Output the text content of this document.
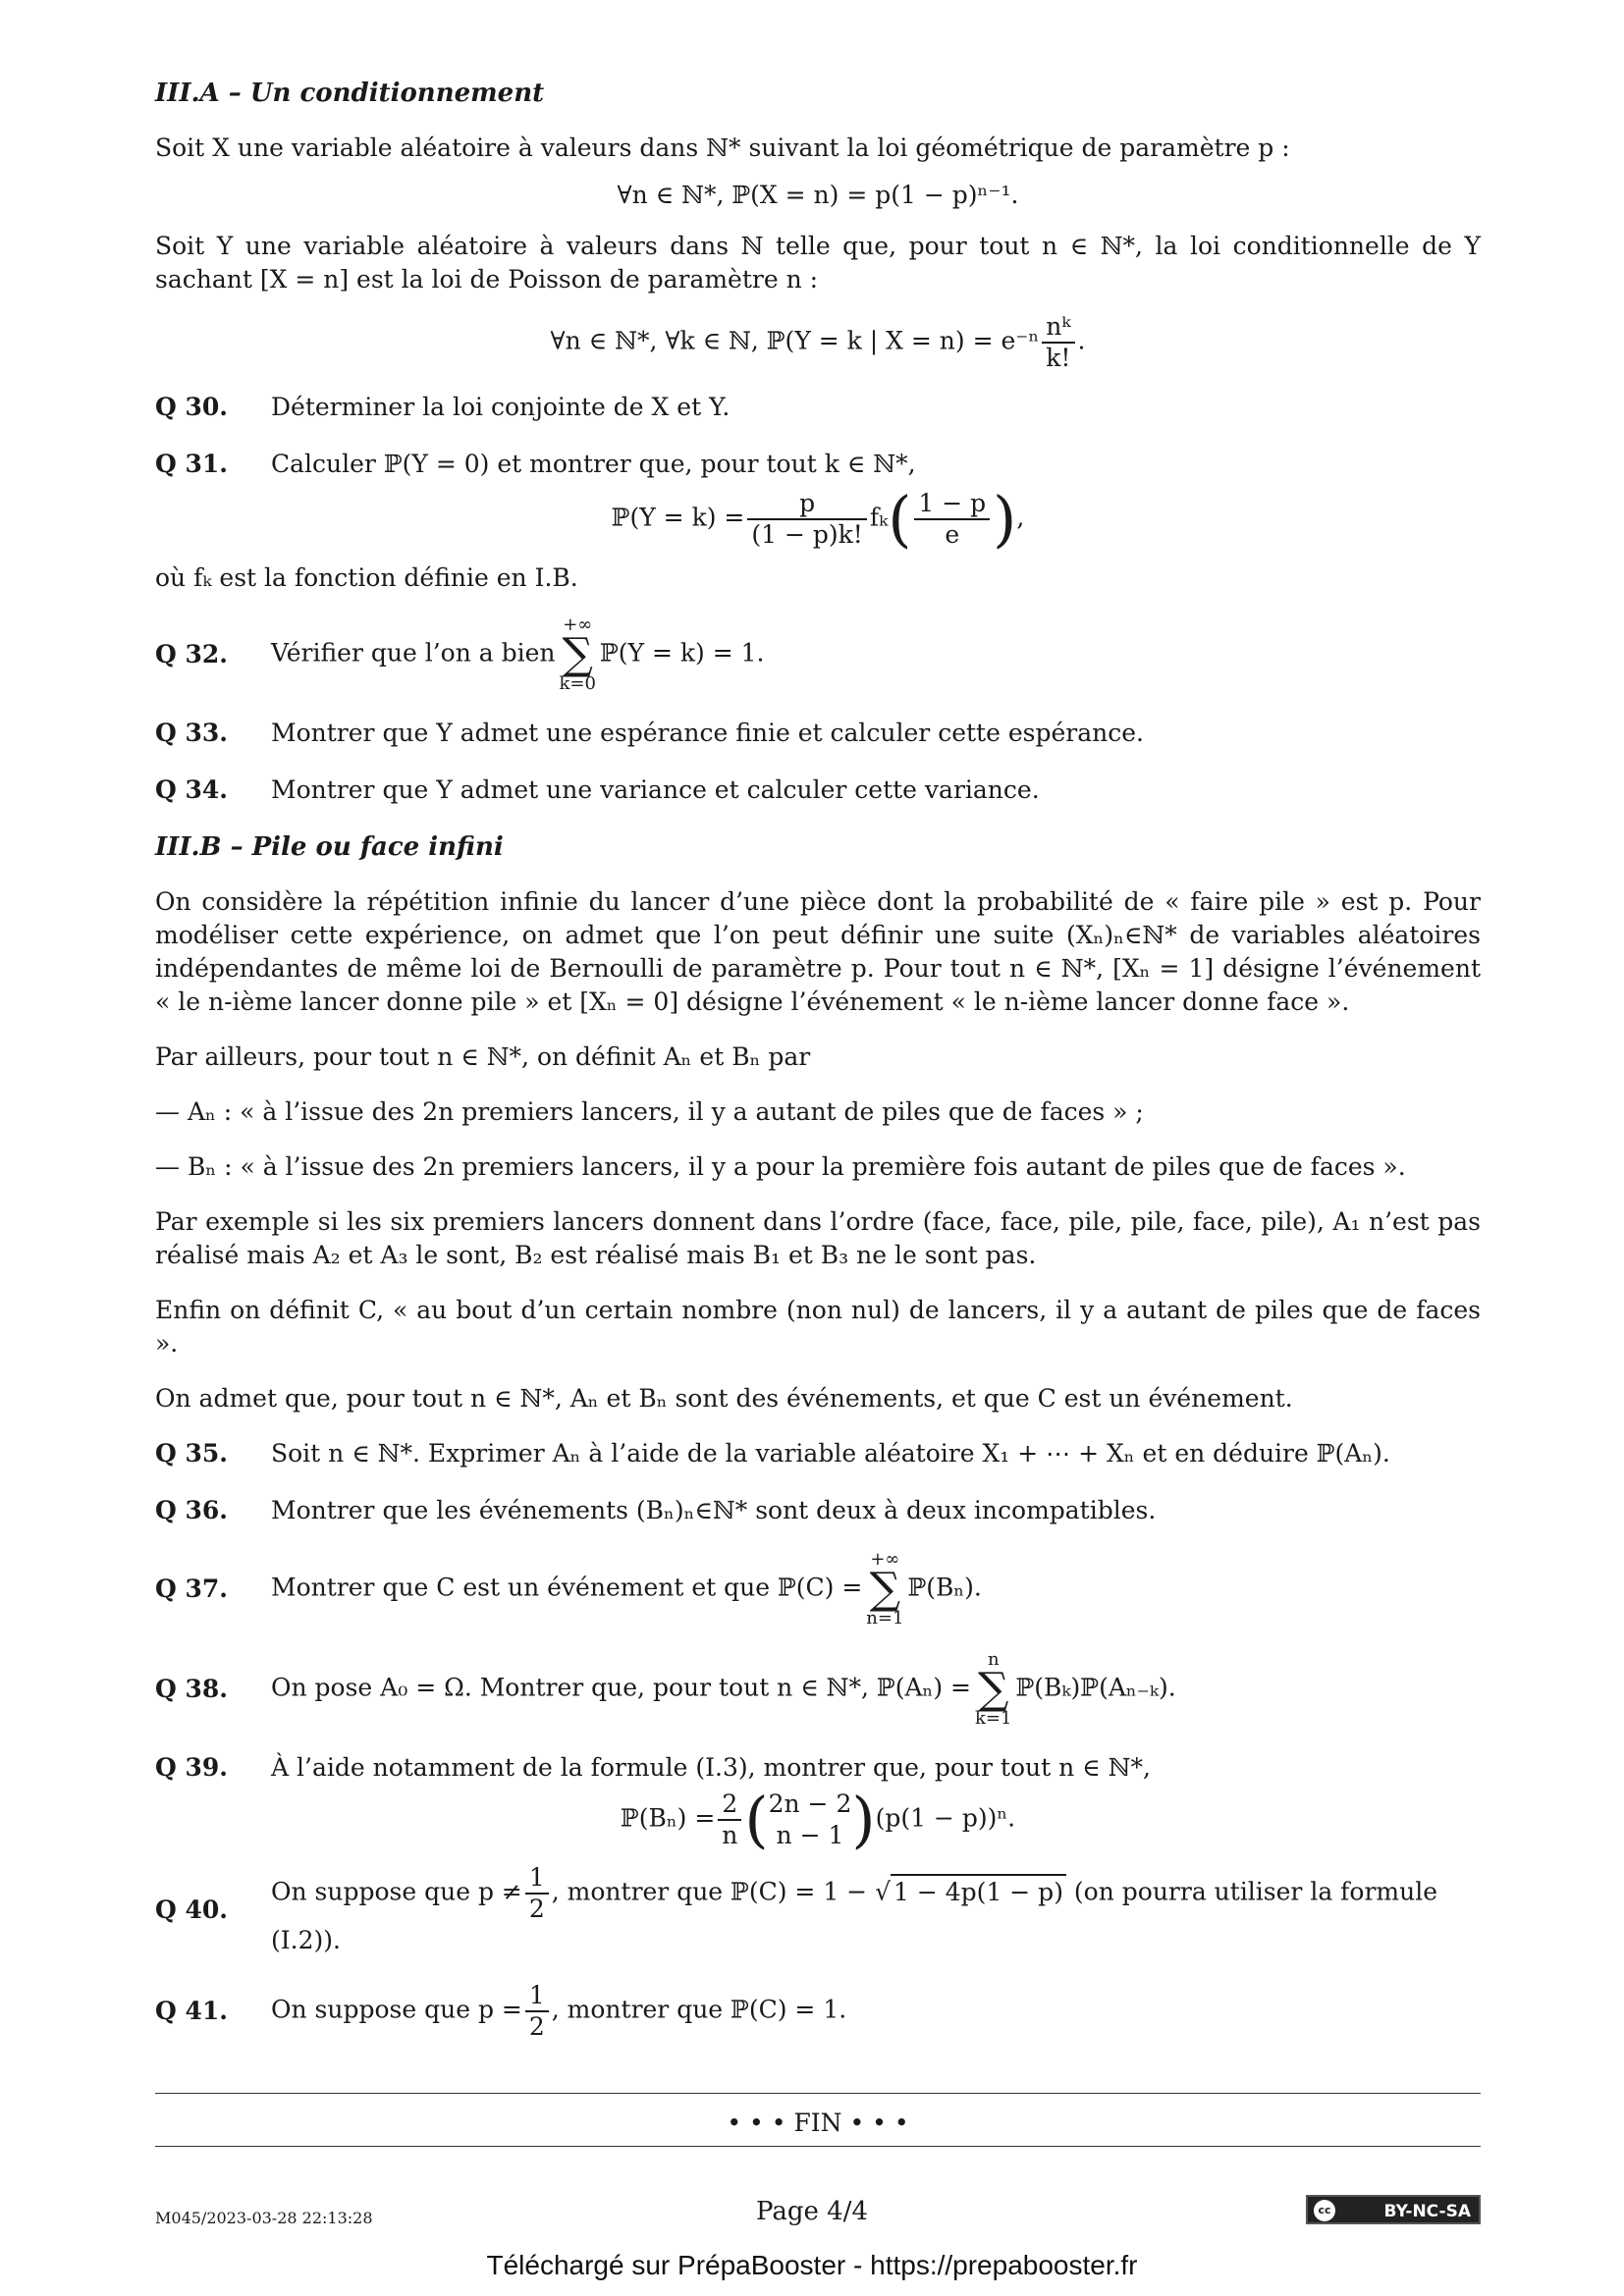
III.A – Un conditionnement

Soit X une variable aléatoire à valeurs dans ℕ* suivant la loi géométrique de paramètre p :

∀n ∈ ℕ*, ℙ(X = n) = p(1 − p)ⁿ⁻¹.

Soit Y une variable aléatoire à valeurs dans ℕ telle que, pour tout n ∈ ℕ*, la loi conditionnelle de Y sachant [X = n] est la loi de Poisson de paramètre n :

∀n ∈ ℕ*, ∀k ∈ ℕ, ℙ(Y = k | $X = n) = e^{-n} \frac{\text{nᵏ}}{k!}$ .
Q 30.	Déterminer la loi conjointe de X et Y.
Q 31.	Calculer ℙ(Y = 0) et montrer que, pour tout k ∈ ℕ*,
ℙ(Y = $k) = \frac{p}{(1 - p)k!} f_k( \frac{1 - p}{e}$ ),

où fₖ est la fonction définie en I.B.

Q 32.	Vérifier que l’on a bien
+∞
∑
k=0
ℙ(Y = k) = 1.
Q 33.	Montrer que Y admet une espérance finie et calculer cette espérance.
Q 34.	Montrer que Y admet une variance et calculer cette variance.
III.B – Pile ou face infini

On considère la répétition infinie du lancer d’une pièce dont la probabilité de « faire pile » est p. Pour modéliser cette expérience, on admet que l’on peut définir une suite (Xₙ)ₙ∈ℕ* de variables aléatoires indépendantes de même loi de Bernoulli de paramètre p. Pour tout n ∈ ℕ*, [Xₙ = 1] désigne l’événement « le n-ième lancer donne pile » et [Xₙ = 0] désigne l’événement « le n-ième lancer donne face ».

Par ailleurs, pour tout n ∈ ℕ*, on définit Aₙ et Bₙ par

— Aₙ : « à l’issue des 2n premiers lancers, il y a autant de piles que de faces » ;

— Bₙ : « à l’issue des 2n premiers lancers, il y a pour la première fois autant de piles que de faces ».

Par exemple si les six premiers lancers donnent dans l’ordre (face, face, pile, pile, face, pile), A₁ n’est pas réalisé mais A₂ et A₃ le sont, B₂ est réalisé mais B₁ et B₃ ne le sont pas.

Enfin on définit C, « au bout d’un certain nombre (non nul) de lancers, il y a autant de piles que de faces ».

On admet que, pour tout n ∈ ℕ*, Aₙ et Bₙ sont des événements, et que C est un événement.

Q 35.	Soit n ∈ ℕ*. Exprimer Aₙ à l’aide de la variable aléatoire X₁ + ⋯ + Xₙ et en déduire ℙ(Aₙ).
Q 36.	Montrer que les événements (Bₙ)ₙ∈ℕ* sont deux à deux incompatibles.
Q 37.	Montrer que C est un événement et que ℙ(C) =
+∞
∑
n=1
ℙ(Bₙ).
Q 38.	On pose A₀ = Ω. Montrer que, pour tout n ∈ ℕ*, ℙ(Aₙ) =
n
∑
k=1
ℙ(Bₖ)ℙ(Aₙ₋ₖ).
Q 39.	À l’aide notamment de la formule (I.3), montrer que, pour tout n ∈ ℕ*,
ℙ(Bₙ) = $\frac{2}{n}$ ( 2n − 2
n − 1 )(p(1 − p))ⁿ.
Q 40.
On suppose que $p \ne \frac{1}{2}$ , montrer que ℙ(C) = 1 − √ 1 − 4p(1 − p) (on pourra utiliser la formule (I.2)).
Q 41.	On suppose que $p = \frac{1}{2}$ , montrer que ℙ(C) = 1.
• • • FIN • • •
M045/2023-03-28 22:13:28	Page 4/4	cc	BY-NC-SA
Téléchargé sur PrépaBooster - https://prepabooster.fr
